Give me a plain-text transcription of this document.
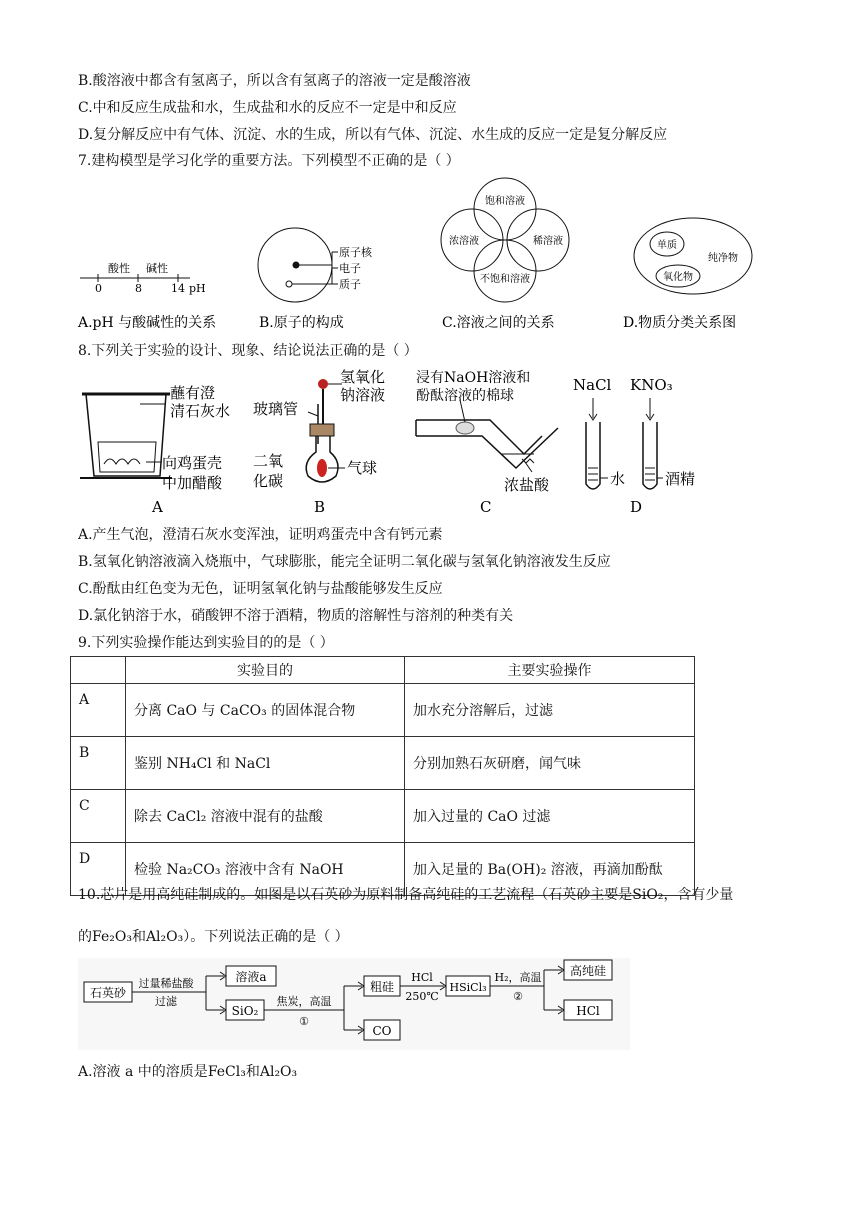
B.酸溶液中都含有氢离子，所以含有氢离子的溶液一定是酸溶液
C.中和反应生成盐和水，生成盐和水的反应不一定是中和反应
D.复分解反应中有气体、沉淀、水的生成，所以有气体、沉淀、水生成的反应一定是复分解反应
7.建构模型是学习化学的重要方法。下列模型不正确的是（ ）
酸性 碱性
0	8	14 pH
原子核
电子
质子
饱和溶液
浓溶液	稀溶液
不饱和溶液
单质
纯净物
氧化物
A.pH 与酸碱性的关系	B.原子的构成	C.溶液之间的关系	D.物质分类关系图
8.下列关于实验的设计、现象、结论说法正确的是（ ）
蘸有澄
清石灰水
向鸡蛋壳
中加醋酸
A
氢氧化
钠溶液
玻璃管
二氧
化碳
气球
B
浸有NaOH溶液和
酚酞溶液的棉球
浓盐酸
C
NaCl KNO₃
水	酒精
D
A.产生气泡，澄清石灰水变浑浊，证明鸡蛋壳中含有钙元素
B.氢氧化钠溶液滴入烧瓶中，气球膨胀，能完全证明二氧化碳与氢氧化钠溶液发生反应
C.酚酞由红色变为无色，证明氢氧化钠与盐酸能够发生反应
D.氯化钠溶于水，硝酸钾不溶于酒精，物质的溶解性与溶剂的种类有关
9.下列实验操作能达到实验目的的是（ ）
	实验目的	主要实验操作
A	分离 CaO 与 CaCO₃ 的固体混合物	加水充分溶解后，过滤
B	鉴别 NH₄Cl 和 NaCl	分别加熟石灰研磨，闻气味
C	除去 CaCl₂ 溶液中混有的盐酸	加入过量的 CaO 过滤
D	检验 Na₂CO₃ 溶液中含有 NaOH	加入足量的 Ba(OH)₂ 溶液，再滴加酚酞
10.芯片是用高纯硅制成的。如图是以石英砂为原料制备高纯硅的工艺流程（石英砂主要是SiO₂，含有少量
的Fe₂O₃和Al₂O₃）。下列说法正确的是（ ）
石英砂
过量稀盐酸
过滤
溶液a
SiO₂
焦炭，高温
①
粗硅
CO
HCl
250℃
HSiCl₃
H₂，高温
②
高纯硅
HCl
A.溶液 a 中的溶质是FeCl₃和Al₂O₃
